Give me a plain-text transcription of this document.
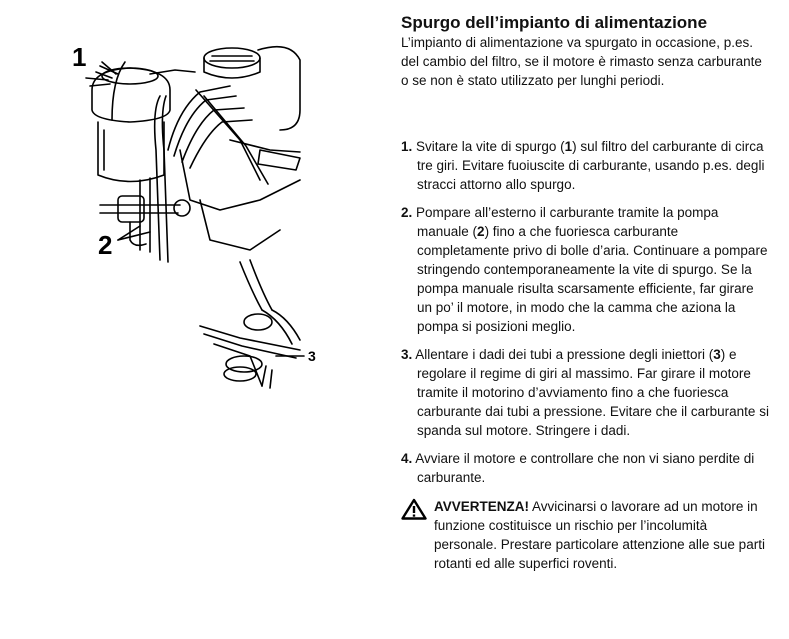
1
2
3
Spurgo dell’impianto di alimentazione

L’impianto di alimentazione va spurgato in occasione, p.es. del cambio del filtro, se il motore è rimasto senza carburante o se non è stato utilizzato per lunghi periodi.

1. Svitare la vite di spurgo (1) sul filtro del carburante di circa tre giri. Evitare fuoiuscite di carburante, usando p.es. degli stracci attorno allo spurgo.
2. Pompare all’esterno il carburante tramite la pompa manuale (2) fino a che fuoriesca carburante completamente privo di bolle d’aria. Continuare a pompare stringendo contemporaneamente la vite di spurgo. Se la pompa manuale risulta scarsamente efficiente, far girare un po’ il motore, in modo che la camma che aziona la pompa si posizioni meglio.
3. Allentare i dadi dei tubi a pressione degli iniettori (3) e regolare il regime di giri al massimo. Far girare il motore tramite il motorino d’avviamento fino a che fuoriesca carburante dai tubi a pressione. Evitare che il carburante si spanda sul motore. Stringere i dadi.
4. Avviare il motore e controllare che non vi siano perdite di carburante.
AVVERTENZA! Avvicinarsi o lavorare ad un motore in funzione costituisce un rischio per l’incolumità personale. Prestare particolare attenzione alle sue parti rotanti ed alle superfici roventi.
